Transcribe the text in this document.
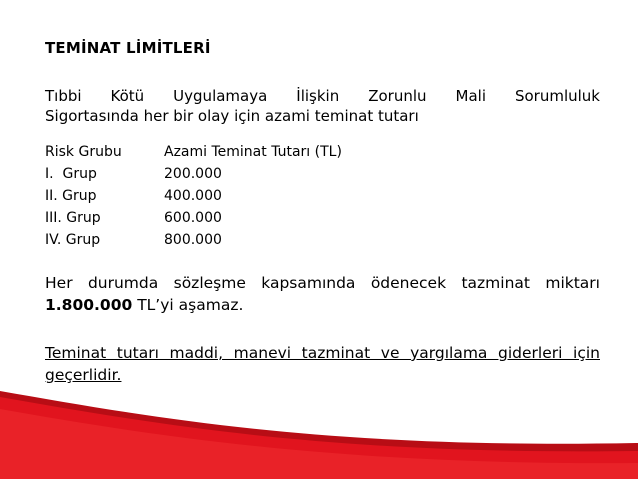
TEMİNAT LİMİTLERİ
Tıbbi Kötü Uygulamaya İlişkin Zorunlu Mali Sorumluluk
Sigortasında her bir olay için azami teminat tutarı
Risk Grubu	Azami Teminat Tutarı (TL)
I.  Grup	200.000
II. Grup	400.000
III. Grup	600.000
IV. Grup	800.000
Her durumda sözleşme kapsamında ödenecek tazminat miktarı
1.800.000 TL’yi aşamaz.
Teminat tutarı maddi, manevi tazminat ve yargılama giderleri için
geçerlidir.
